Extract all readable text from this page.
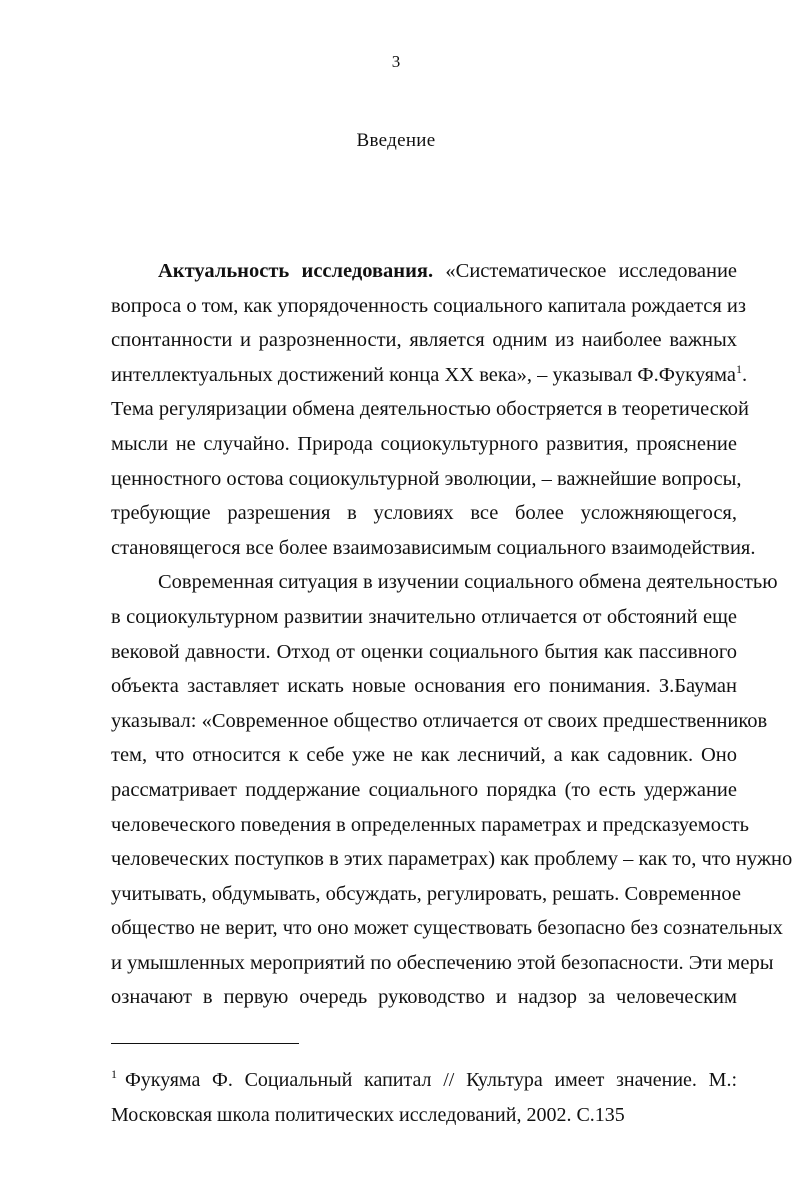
3
Введение
Актуальность исследования. «Систематическое исследование
вопроса о том, как упорядоченность социального капитала рождается из
спонтанности и разрозненности, является одним из наиболее важных
интеллектуальных достижений конца XX века», – указывал Ф.Фукуяма$^1$.
Тема регуляризации обмена деятельностью обостряется в теоретической
мысли не случайно. Природа социокультурного развития, прояснение
ценностного остова социокультурной эволюции, – важнейшие вопросы,
требующие разрешения в условиях все более усложняющегося,
становящегося все более взаимозависимым социального взаимодействия.
Современная ситуация в изучении социального обмена деятельностью
в социокультурном развитии значительно отличается от обстояний еще
вековой давности. Отход от оценки социального бытия как пассивного
объекта заставляет искать новые основания его понимания. З.Бауман
указывал: «Современное общество отличается от своих предшественников
тем, что относится к себе уже не как лесничий, а как садовник. Оно
рассматривает поддержание социального порядка (то есть удержание
человеческого поведения в определенных параметрах и предсказуемость
человеческих поступков в этих параметрах) как проблему – как то, что нужно
учитывать, обдумывать, обсуждать, регулировать, решать. Современное
общество не верит, что оно может существовать безопасно без сознательных
и умышленных мероприятий по обеспечению этой безопасности. Эти меры
означают в первую очередь руководство и надзор за человеческим
$^1$ Фукуяма Ф. Социальный капитал // Культура имеет значение. М.:
Московская школа политических исследований, 2002. С.135
